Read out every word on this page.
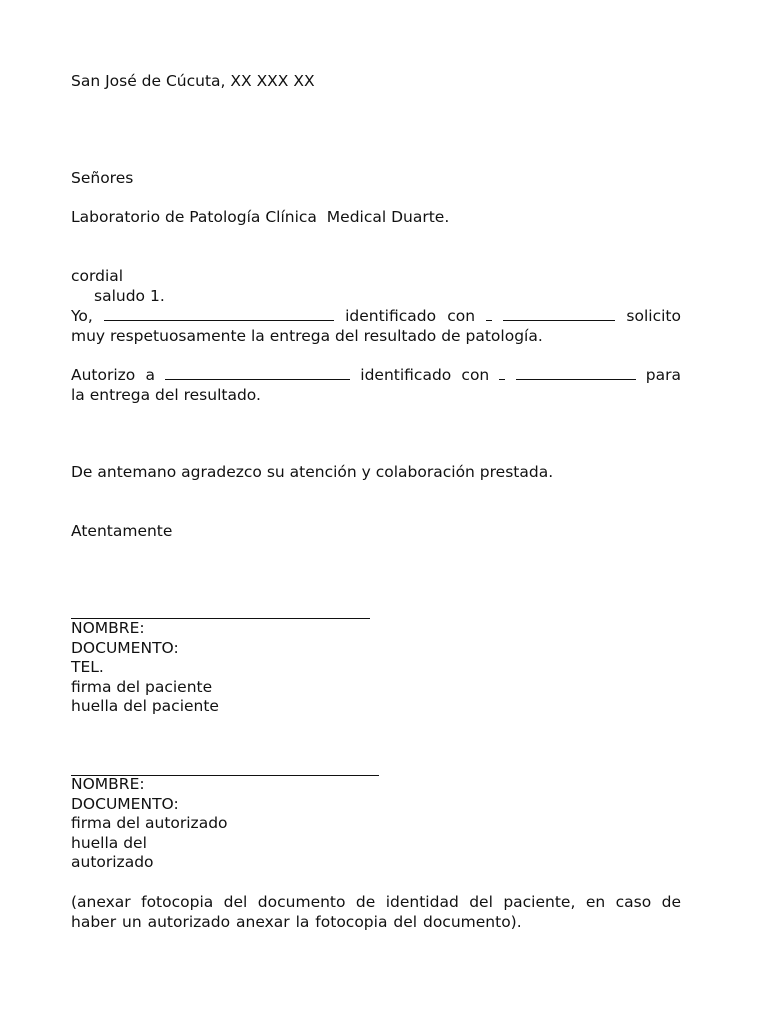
San José de Cúcuta, XX XXX XX
Señores
Laboratorio de Patología Clínica  Medical Duarte.
cordial
saludo 1.
Yo,	identificado con	solicito
muy respetuosamente la entrega del resultado de patología.
Autorizo a	identificado con	para
la entrega del resultado.
De antemano agradezco su atención y colaboración prestada.
Atentamente
NOMBRE:
DOCUMENTO:
TEL.
firma del paciente
huella del paciente
NOMBRE:
DOCUMENTO:
firma del autorizado
huella del
autorizado
(anexar fotocopia del documento de identidad del paciente, en caso de
haber un autorizado anexar la fotocopia del documento).
